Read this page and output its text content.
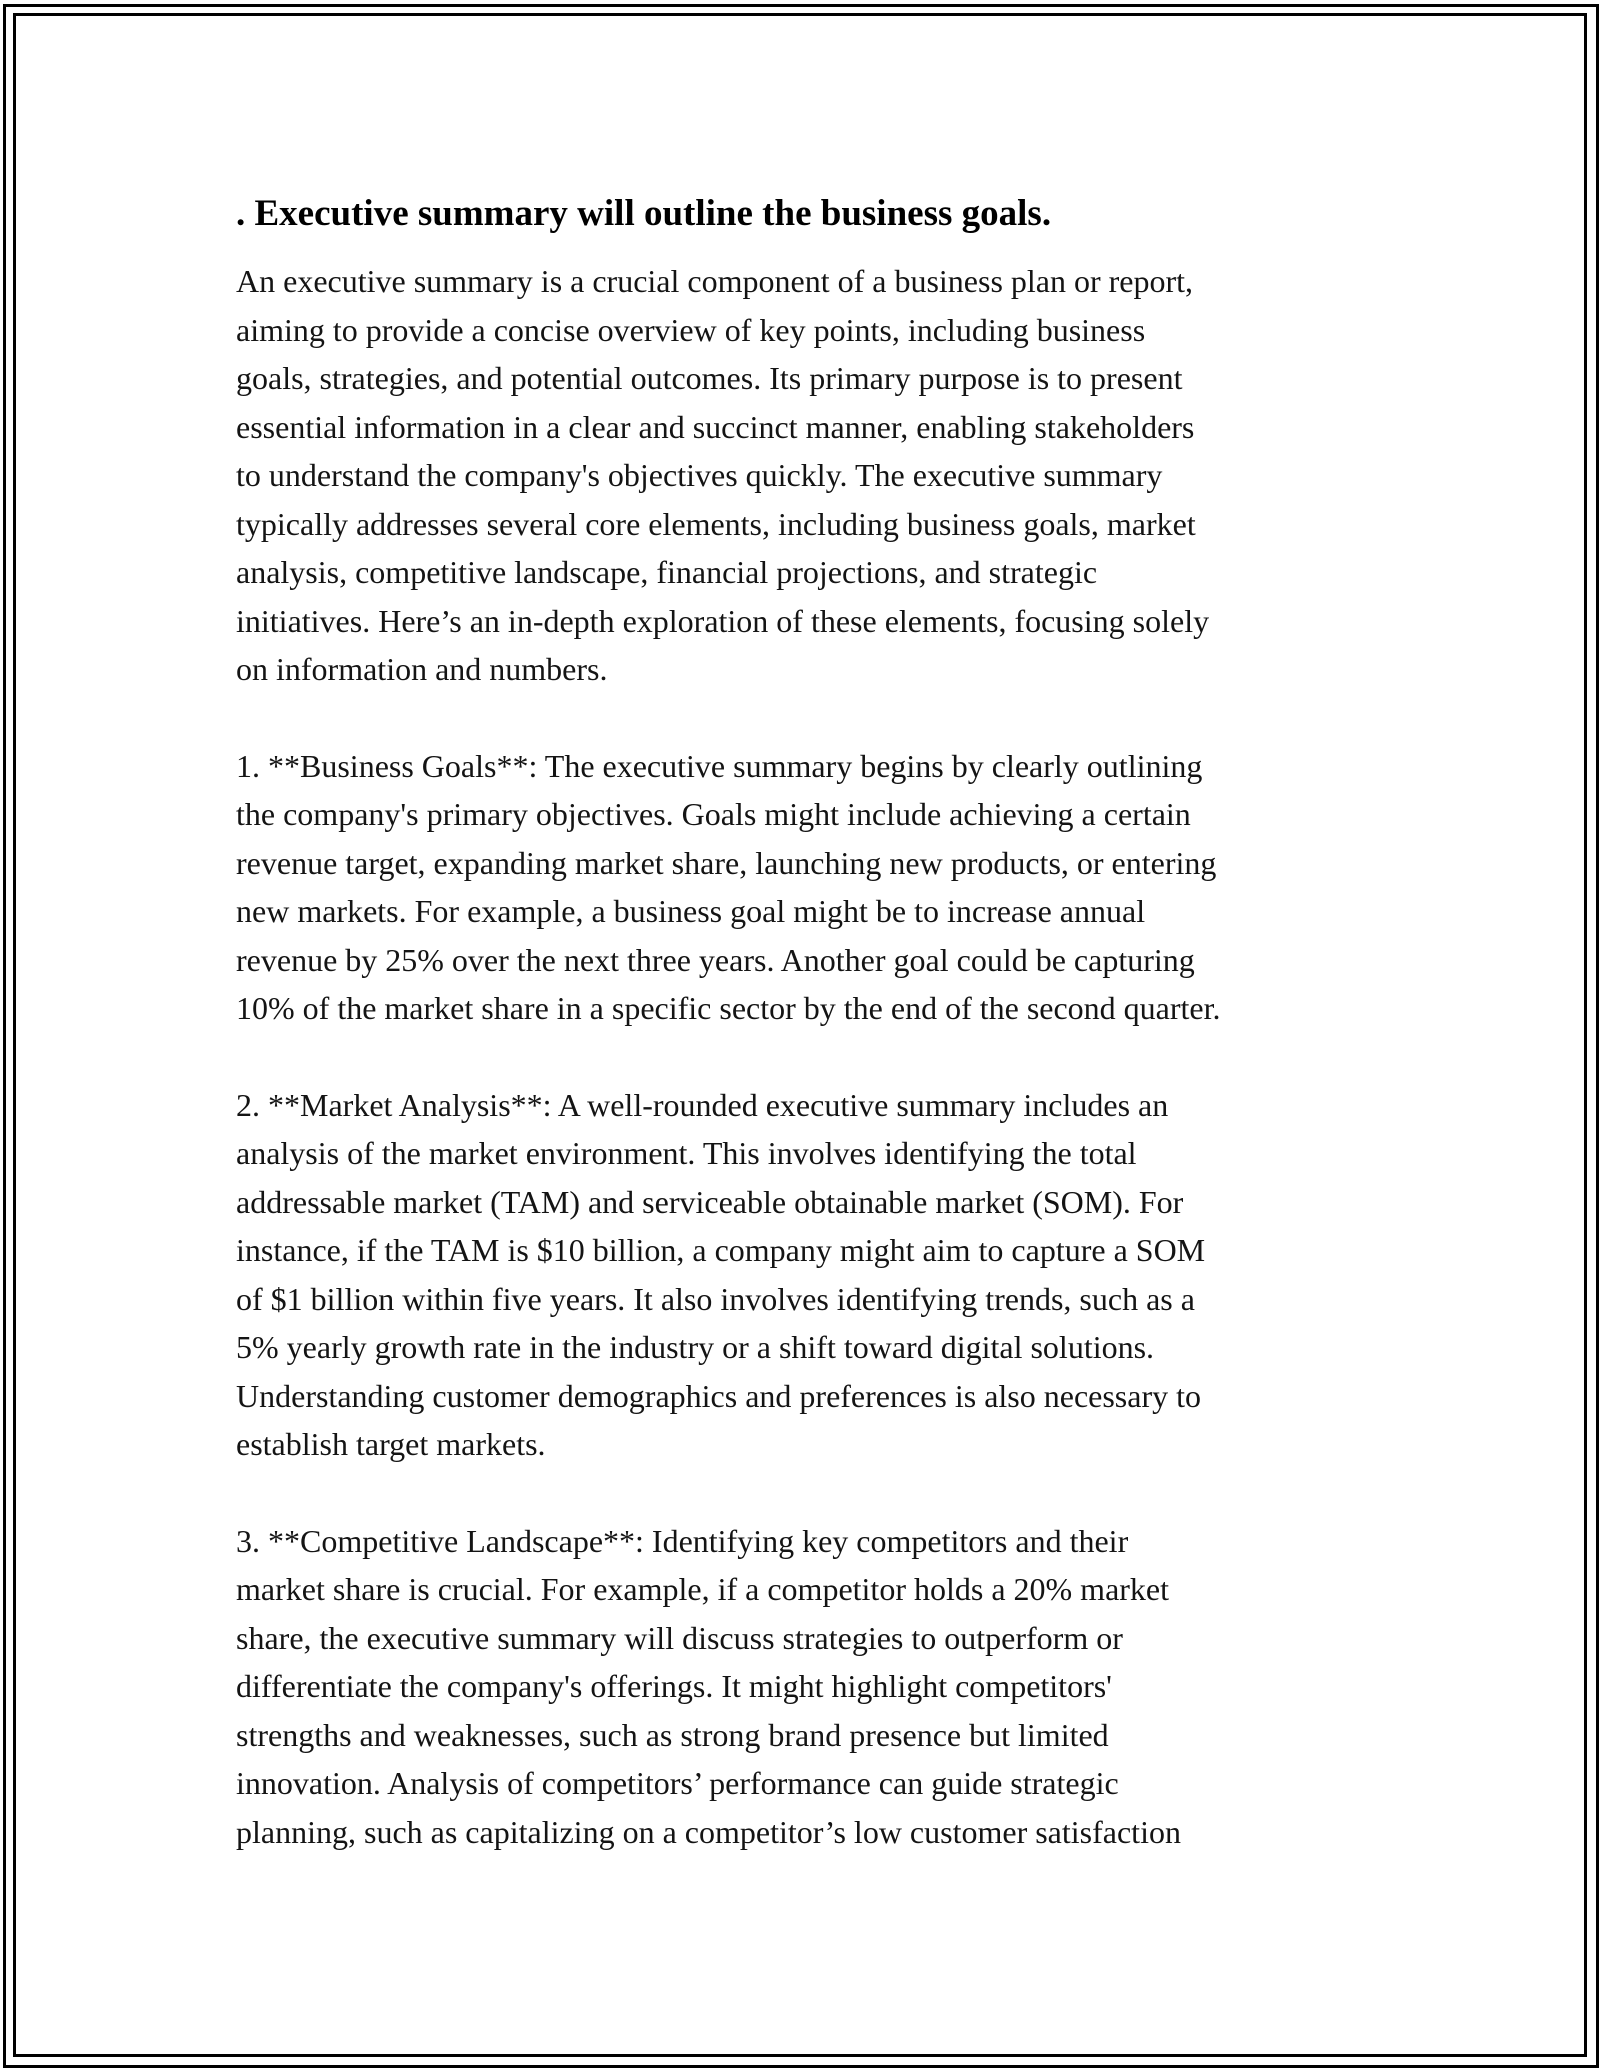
. Executive summary will outline the business goals.

An executive summary is a crucial component of a business plan or report,
aiming to provide a concise overview of key points, including business
goals, strategies, and potential outcomes. Its primary purpose is to present
essential information in a clear and succinct manner, enabling stakeholders
to understand the company's objectives quickly. The executive summary
typically addresses several core elements, including business goals, market
analysis, competitive landscape, financial projections, and strategic
initiatives. Here’s an in-depth exploration of these elements, focusing solely
on information and numbers.

1. **Business Goals**: The executive summary begins by clearly outlining
the company's primary objectives. Goals might include achieving a certain
revenue target, expanding market share, launching new products, or entering
new markets. For example, a business goal might be to increase annual
revenue by 25% over the next three years. Another goal could be capturing
10% of the market share in a specific sector by the end of the second quarter.

2. **Market Analysis**: A well-rounded executive summary includes an
analysis of the market environment. This involves identifying the total
addressable market (TAM) and serviceable obtainable market (SOM). For
instance, if the TAM is $10 billion, a company might aim to capture a SOM
of $1 billion within five years. It also involves identifying trends, such as a
5% yearly growth rate in the industry or a shift toward digital solutions.
Understanding customer demographics and preferences is also necessary to
establish target markets.

3. **Competitive Landscape**: Identifying key competitors and their
market share is crucial. For example, if a competitor holds a 20% market
share, the executive summary will discuss strategies to outperform or
differentiate the company's offerings. It might highlight competitors'
strengths and weaknesses, such as strong brand presence but limited
innovation. Analysis of competitors’ performance can guide strategic
planning, such as capitalizing on a competitor’s low customer satisfaction
